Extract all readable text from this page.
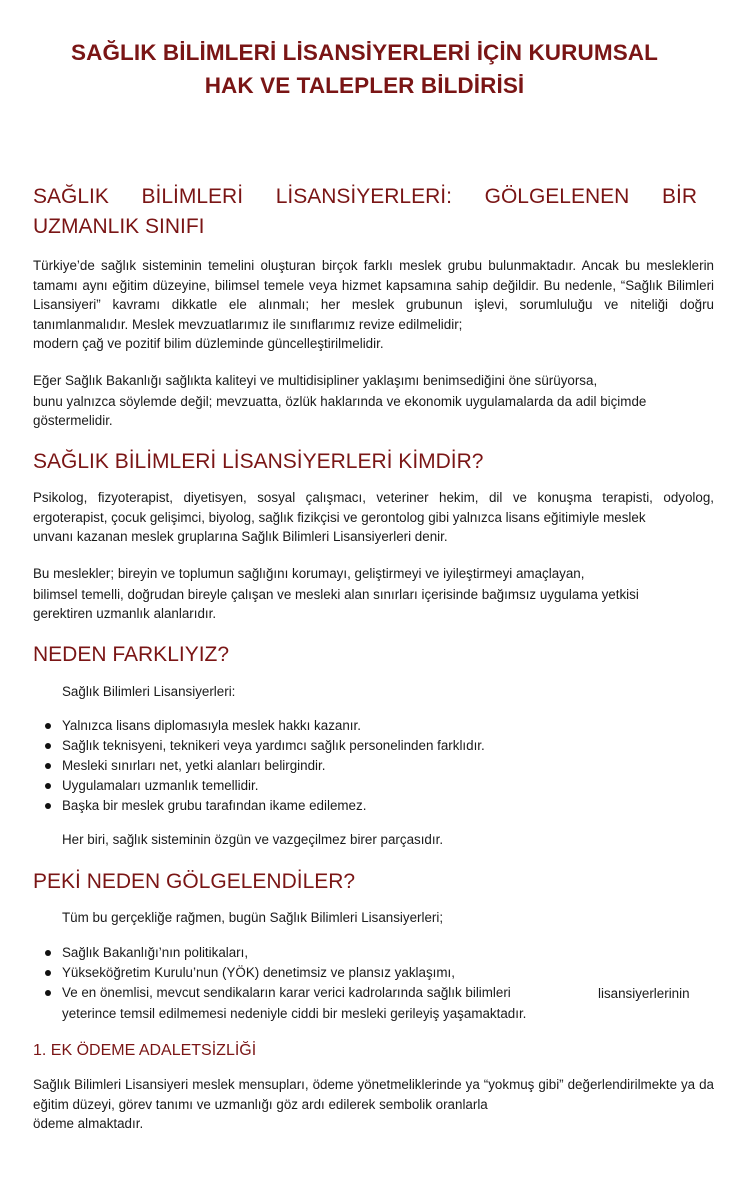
SAĞLIK BİLİMLERİ LİSANSİYERLERİ İÇİN KURUMSAL
HAK VE TALEPLER BİLDİRİSİ
SAĞLIK BİLİMLERİ LİSANSİYERLERİ: GÖLGELENEN BİR
UZMANLIK SINIFI

Türkiye’de sağlık sisteminin temelini oluşturan birçok farklı meslek grubu bulunmaktadır. Ancak bu mesleklerin tamamı aynı eğitim düzeyine, bilimsel temele veya hizmet kapsamına sahip değildir. Bu nedenle, “Sağlık Bilimleri Lisansiyeri” kavramı dikkatle ele alınmalı; her meslek grubunun işlevi, sorumluluğu ve niteliği doğru tanımlanmalıdır. Meslek mevzuatlarımız ile sınıflarımız revize edilmelidir;
modern çağ ve pozitif bilim düzleminde güncelleştirilmelidir.

Eğer Sağlık Bakanlığı sağlıkta kaliteyi ve multidisipliner yaklaşımı benimsediğini öne sürüyorsa,
bunu yalnızca söylemde değil; mevzuatta, özlük haklarında ve ekonomik uygulamalarda da adil biçimde
göstermelidir.

SAĞLIK BİLİMLERİ LİSANSİYERLERİ KİMDİR?

Psikolog, fizyoterapist, diyetisyen, sosyal çalışmacı, veteriner hekim, dil ve konuşma terapisti, odyolog, ergoterapist, çocuk gelişimci, biyolog, sağlık fizikçisi ve gerontolog gibi yalnızca lisans eğitimiyle meslek
unvanı kazanan meslek gruplarına Sağlık Bilimleri Lisansiyerleri denir.

Bu meslekler; bireyin ve toplumun sağlığını korumayı, geliştirmeyi ve iyileştirmeyi amaçlayan,
bilimsel temelli, doğrudan bireyle çalışan ve mesleki alan sınırları içerisinde bağımsız uygulama yetkisi
gerektiren uzmanlık alanlarıdır.

NEDEN FARKLIYIZ?

Sağlık Bilimleri Lisansiyerleri:

Yalnızca lisans diplomasıyla meslek hakkı kazanır.
Sağlık teknisyeni, teknikeri veya yardımcı sağlık personelinden farklıdır.
Mesleki sınırları net, yetki alanları belirgindir.
Uygulamaları uzmanlık temellidir.
Başka bir meslek grubu tarafından ikame edilemez.

Her biri, sağlık sisteminin özgün ve vazgeçilmez birer parçasıdır.

PEKİ NEDEN GÖLGELENDİLER?

Tüm bu gerçekliğe rağmen, bugün Sağlık Bilimleri Lisansiyerleri;

Sağlık Bakanlığı’nın politikaları,
Yükseköğretim Kurulu’nun (YÖK) denetimsiz ve plansız yaklaşımı,
Ve en önemlisi, mevcut sendikaların karar verici kadrolarında sağlık bilimleri
yeterince temsil edilmemesi nedeniyle ciddi bir mesleki gerileyiş yaşamaktadır.
lisansiyerlerinin
1. EK ÖDEME ADALETSİZLİĞİ

Sağlık Bilimleri Lisansiyeri meslek mensupları, ödeme yönetmeliklerinde ya “yokmuş gibi” değerlendirilmekte ya da eğitim düzeyi, görev tanımı ve uzmanlığı göz ardı edilerek sembolik oranlarla
ödeme almaktadır.
